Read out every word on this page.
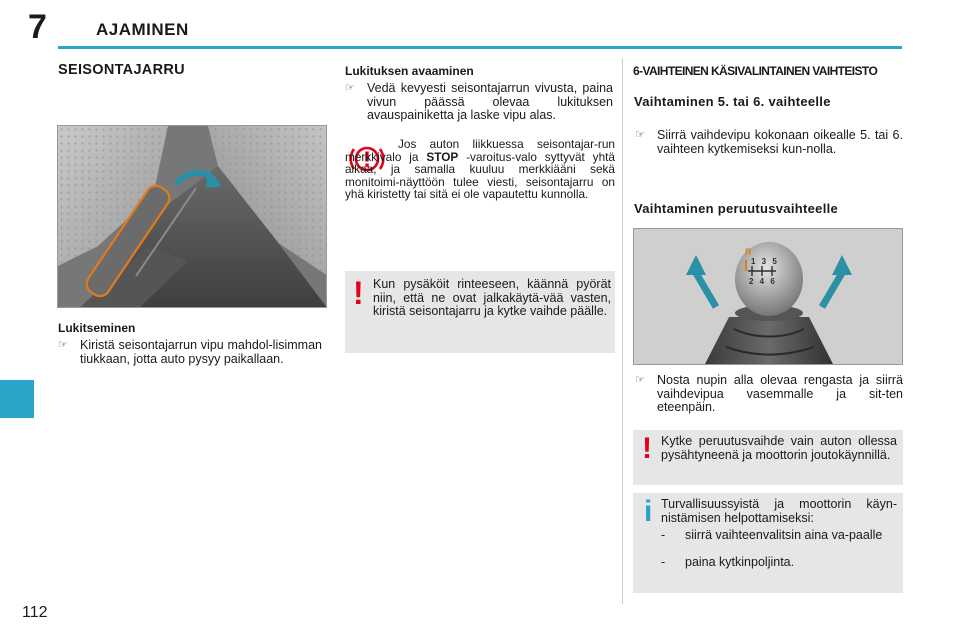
7	AJAMINEN
SEISONTAJARRU
Lukitseminen
☞ Kiristä seisontajarrun vipu mahdol-lisimman tiukkaan, jotta auto pysyy paikallaan.
Lukituksen avaaminen
☞ Vedä kevyesti seisontajarrun vivusta, paina vivun päässä olevaa lukituksen avauspainiketta ja laske vipu alas.
Jos auton liikkuessa seisontajar-run merkkivalo ja STOP -varoitus-valo syttyvät yhtä aikaa, ja samalla kuuluu merkkiääni sekä monitoimi-näyttöön tulee viesti, seisontajarru on yhä kiristetty tai sitä ei ole vapautettu kunnolla.
! Kun pysäköit rinteeseen, käännä pyörät niin, että ne ovat jalkakäytä-vää vasten, kiristä seisontajarru ja kytke vaihde päälle.
6-VAIHTEINEN KÄSIVALINTAINEN VAIHTEISTO
Vaihtaminen 5. tai 6. vaihteelle
☞ Siirrä vaihdevipu kokonaan oikealle 5. tai 6. vaihteen kytkemiseksi kun-nolla.
Vaihtaminen peruutusvaihteelle
R
1 3 5
2 4 6
☞ Nosta nupin alla olevaa rengasta ja siirrä vaihdevipua vasemmalle ja sit-ten eteenpäin.
! Kytke peruutusvaihde vain auton ollessa pysähtyneenä ja moottorin joutokäynnillä.
i Turvallisuussyistä ja moottorin käyn-nistämisen helpottamiseksi:
-	siirrä vaihteenvalitsin aina va-paalle
-	paina kytkinpoljinta.
112
